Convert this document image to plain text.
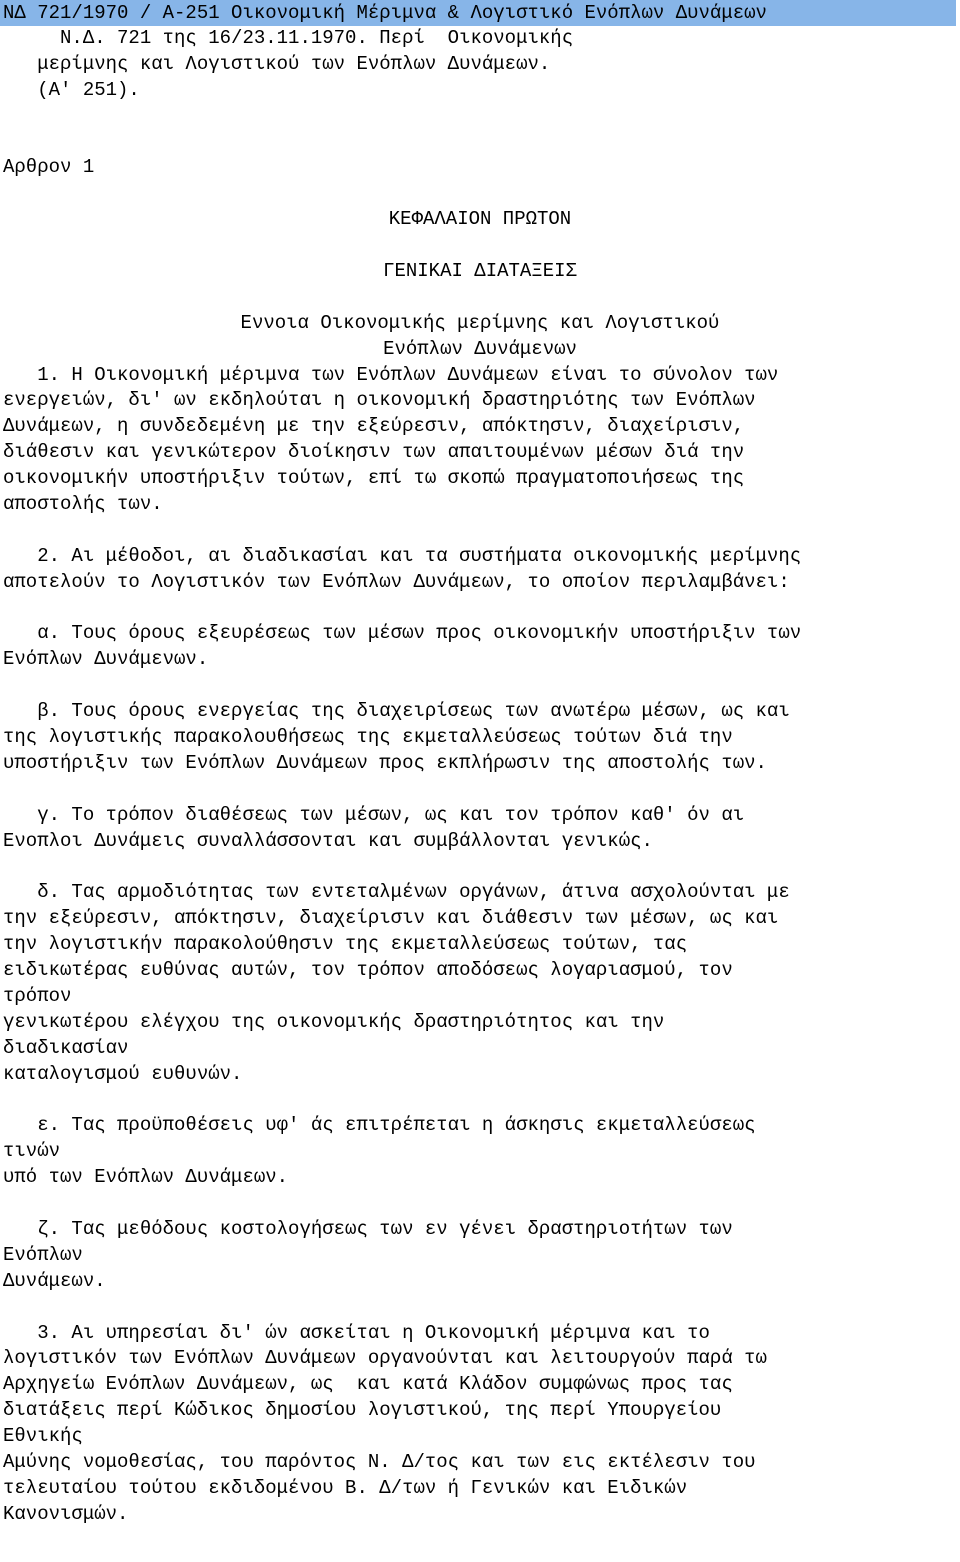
ΝΔ 721/1970 / Α-251 Οικονομική Μέριμνα & Λογιστικό Ενόπλων Δυνάμεων
Ν.Δ. 721 της 16/23.11.1970. Περί  Οικονομικής
μερίμνης και Λογιστικού των Ενόπλων Δυνάμεων.
(Α' 251).
Αρθρον 1
ΚΕΦΑΛΑΙΟΝ ΠΡΩΤΟΝ
ΓΕΝΙΚΑΙ ΔΙΑΤΑΞΕΙΣ
Εννοια Οικονομικής μερίμνης και Λογιστικού
Ενόπλων Δυνάμενων
1. Η Οικονομική μέριμνα των Ενόπλων Δυνάμεων είναι το σύνολον των
ενεργειών, δι' ων εκδηλούται η οικονομική δραστηριότης των Ενόπλων
Δυνάμεων, η συνδεδεμένη με την εξεύρεσιν, απόκτησιν, διαχείρισιν,
διάθεσιν και γενικώτερον διοίκησιν των απαιτουμένων μέσων διά την
οικονομικήν υποστήριξιν τούτων, επί τω σκοπώ πραγματοποιήσεως της
αποστολής των.
2. Αι μέθοδοι, αι διαδικασίαι και τα συστήματα οικονομικής μερίμνης
αποτελούν το Λογιστικόν των Ενόπλων Δυνάμεων, το οποίον περιλαμβάνει:
α. Τους όρους εξευρέσεως των μέσων προς οικονομικήν υποστήριξιν των
Ενόπλων Δυνάμενων.
β. Τους όρους ενεργείας της διαχειρίσεως των ανωτέρω μέσων, ως και
της λογιστικής παρακολουθήσεως της εκμεταλλεύσεως τούτων διά την
υποστήριξιν των Ενόπλων Δυνάμεων προς εκπλήρωσιν της αποστολής των.
γ. Το τρόπον διαθέσεως των μέσων, ως και τον τρόπον καθ' όν αι
Ενοπλοι Δυνάμεις συναλλάσσονται και συμβάλλονται γενικώς.
δ. Τας αρμοδιότητας των εντεταλμένων οργάνων, άτινα ασχολούνται με
την εξεύρεσιν, απόκτησιν, διαχείρισιν και διάθεσιν των μέσων, ως και
την λογιστικήν παρακολούθησιν της εκμεταλλεύσεως τούτων, τας
ειδικωτέρας ευθύνας αυτών, τον τρόπον αποδόσεως λογαριασμού, τον
τρόπον
γενικωτέρου ελέγχου της οικονομικής δραστηριότητος και την
διαδικασίαν
καταλογισμού ευθυνών.
ε. Τας προϋποθέσεις υφ' άς επιτρέπεται η άσκησις εκμεταλλεύσεως
τινών
υπό των Ενόπλων Δυνάμεων.
ζ. Τας μεθόδους κοστολογήσεως των εν γένει δραστηριοτήτων των
Ενόπλων
Δυνάμεων.
3. Αι υπηρεσίαι δι' ών ασκείται η Οικονομική μέριμνα και το
λογιστικόν των Ενόπλων Δυνάμεων οργανούνται και λειτουργούν παρά τω
Αρχηγείω Ενόπλων Δυνάμεων, ως  και κατά Κλάδον συμφώνως προς τας
διατάξεις περί Κώδικος δημοσίου λογιστικού, της περί Υπουργείου
Εθνικής
Αμύνης νομοθεσίας, του παρόντος Ν. Δ/τος και των εις εκτέλεσιν του
τελευταίου τούτου εκδιδομένου Β. Δ/των ή Γενικών και Ειδικών
Κανονισμών.
